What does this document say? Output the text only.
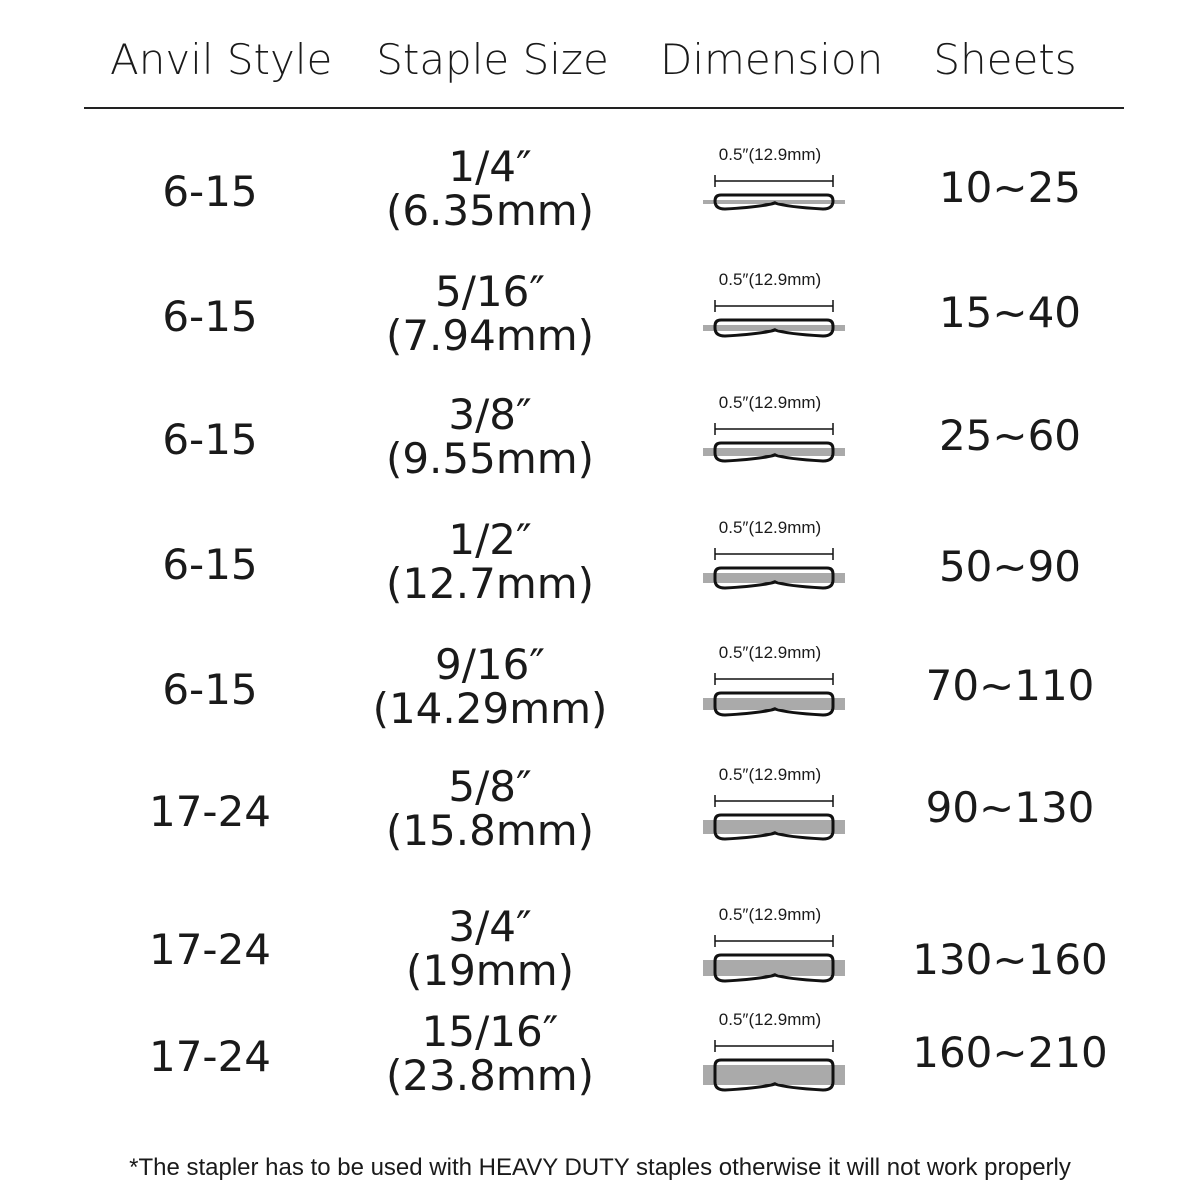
Anvil Style Staple Size Dimension	Sheets
6-15
1/4″
(6.35mm)
0.5″(12.9mm)
10~25
6-15
5/16″
(7.94mm)
0.5″(12.9mm)
15~40
6-15
3/8″
(9.55mm)
0.5″(12.9mm)
25~60
6-15
1/2″
(12.7mm)
0.5″(12.9mm)
50~90
6-15
9/16″
(14.29mm)
0.5″(12.9mm)
70~110
17-24
5/8″
(15.8mm)
0.5″(12.9mm)
90~130
17-24	3/4″
(19mm)
0.5″(12.9mm)
130~160
17-24
15/16″
(23.8mm)
0.5″(12.9mm)
160~210
*The stapler has to be used with HEAVY DUTY staples otherwise it will not work properly
